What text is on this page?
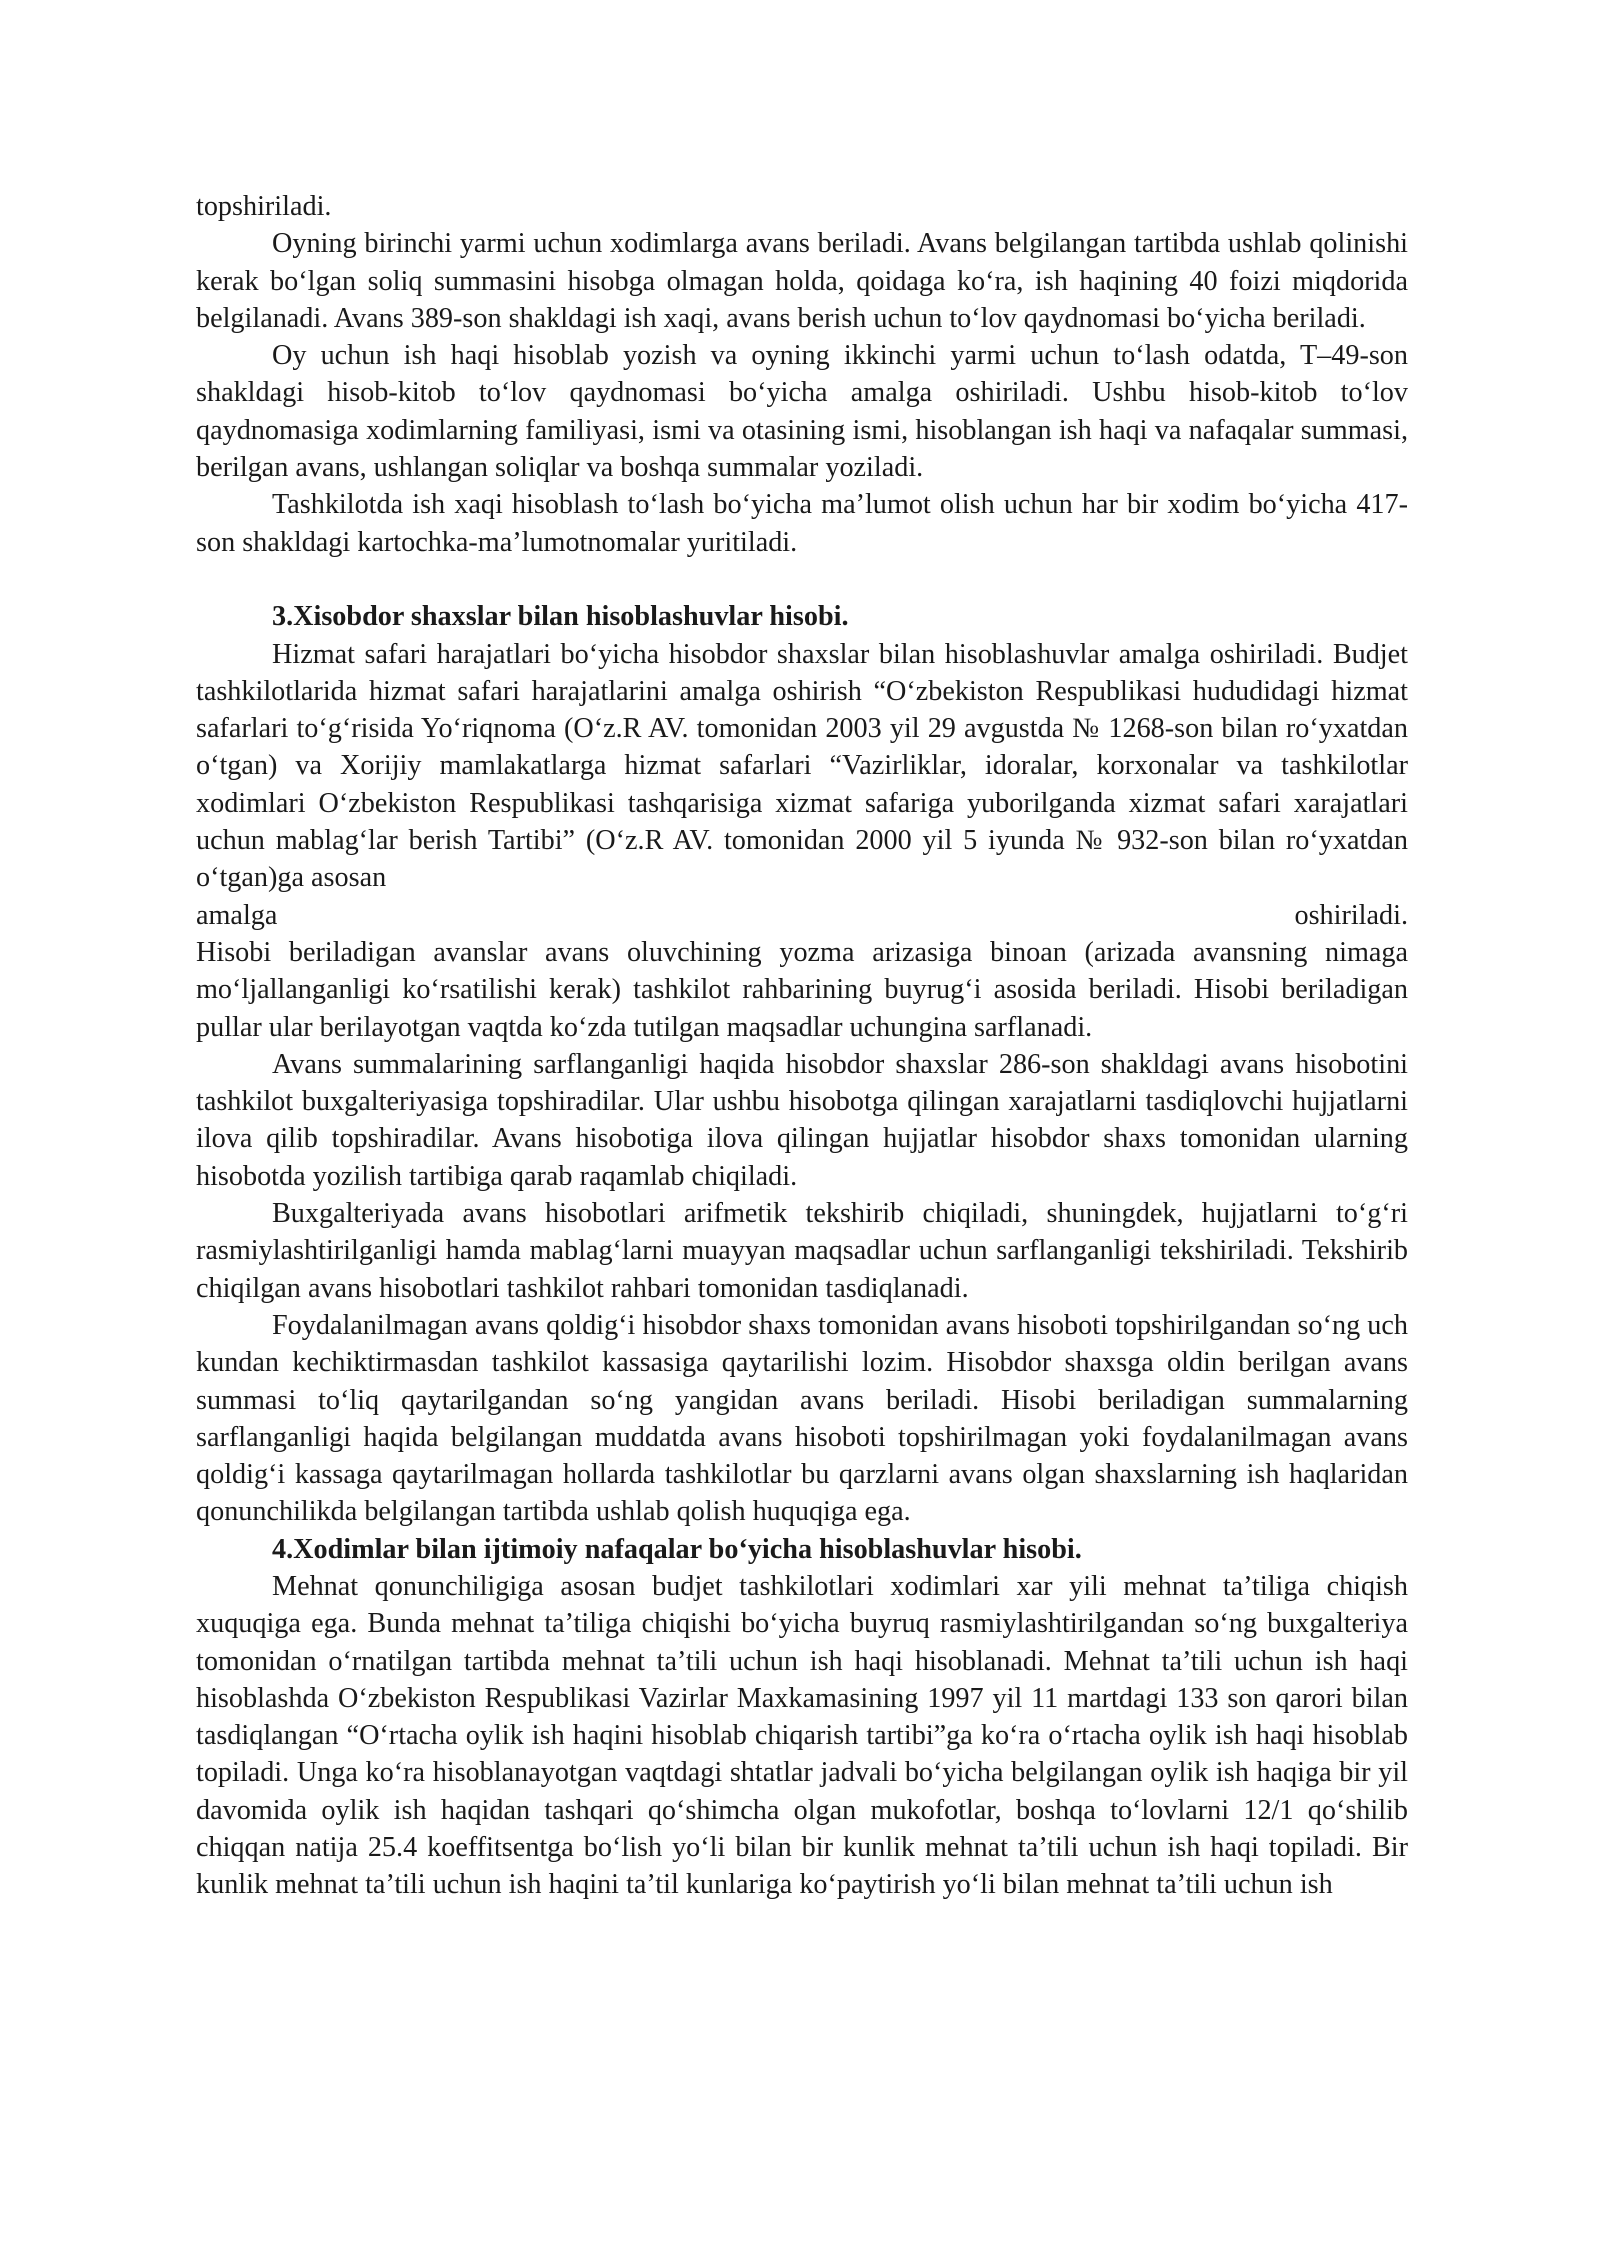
topshiriladi.

Oyning birinchi yarmi uchun xodimlarga avans beriladi. Avans belgilangan tartibda ushlab qolinishi kerak bo‘lgan soliq summasini hisobga olmagan holda, qoidaga ko‘ra, ish haqining 40 foizi miqdorida belgilanadi. Avans 389-son shakldagi ish xaqi, avans berish uchun to‘lov qaydnomasi bo‘yicha beriladi.

Oy uchun ish haqi hisoblab yozish va oyning ikkinchi yarmi uchun to‘lash odatda, T–49-son shakldagi hisob-kitob to‘lov qaydnomasi bo‘yicha amalga oshiriladi. Ushbu hisob-kitob to‘lov qaydnomasiga xodimlarning familiyasi, ismi va otasining ismi, hisoblangan ish haqi va nafaqalar summasi, berilgan avans, ushlangan soliqlar va boshqa summalar yoziladi.

Tashkilotda ish xaqi hisoblash to‘lash bo‘yicha ma’lumot olish uchun har bir xodim bo‘yicha 417-son shakldagi kartochka-ma’lumotnomalar yuritiladi.

3.Xisobdor shaxslar bilan hisoblashuvlar hisobi.

Hizmat safari harajatlari bo‘yicha hisobdor shaxslar bilan hisoblashuvlar amalga oshiriladi. Budjet tashkilotlarida hizmat safari harajatlarini amalga oshirish “O‘zbekiston Respublikasi hududidagi hizmat safarlari to‘g‘risida Yo‘riqnoma (O‘z.R AV. tomonidan 2003 yil 29 avgustda № 1268-son bilan ro‘yxatdan o‘tgan) va Xorijiy mamlakatlarga hizmat safarlari “Vazirliklar, idoralar, korxonalar va tashkilotlar xodimlari O‘zbekiston Respublikasi tashqarisiga xizmat safariga yuborilganda xizmat safari xarajatlari uchun mablag‘lar berish Tartibi” (O‘z.R AV. tomonidan 2000 yil 5 iyunda № 932-son bilan ro‘yxatdan o‘tgan)ga asosan

amalga	oshiriladi.

Hisobi beriladigan avanslar avans oluvchining yozma arizasiga binoan (arizada avansning nimaga mo‘ljallanganligi ko‘rsatilishi kerak) tashkilot rahbarining buyrug‘i asosida beriladi. Hisobi beriladigan pullar ular berilayotgan vaqtda ko‘zda tutilgan maqsadlar uchungina sarflanadi.

Avans summalarining sarflanganligi haqida hisobdor shaxslar 286-son shakldagi avans hisobotini tashkilot buxgalteriyasiga topshiradilar. Ular ushbu hisobotga qilingan xarajatlarni tasdiqlovchi hujjatlarni ilova qilib topshiradilar. Avans hisobotiga ilova qilingan hujjatlar hisobdor shaxs tomonidan ularning hisobotda yozilish tartibiga qarab raqamlab chiqiladi.

Buxgalteriyada avans hisobotlari arifmetik tekshirib chiqiladi, shuningdek, hujjatlarni to‘g‘ri rasmiylashtirilganligi hamda mablag‘larni muayyan maqsadlar uchun sarflanganligi tekshiriladi. Tekshirib chiqilgan avans hisobotlari tashkilot rahbari tomonidan tasdiqlanadi.

Foydalanilmagan avans qoldig‘i hisobdor shaxs tomonidan avans hisoboti topshirilgandan so‘ng uch kundan kechiktirmasdan tashkilot kassasiga qaytarilishi lozim. Hisobdor shaxsga oldin berilgan avans summasi to‘liq qaytarilgandan so‘ng yangidan avans beriladi. Hisobi beriladigan summalarning sarflanganligi haqida belgilangan muddatda avans hisoboti topshirilmagan yoki foydalanilmagan avans qoldig‘i kassaga qaytarilmagan hollarda tashkilotlar bu qarzlarni avans olgan shaxslarning ish haqlaridan qonunchilikda belgilangan tartibda ushlab qolish huquqiga ega.

4.Xodimlar bilan ijtimoiy nafaqalar bo‘yicha hisoblashuvlar hisobi.

Mehnat qonunchiligiga asosan budjet tashkilotlari xodimlari xar yili mehnat ta’tiliga chiqish xuquqiga ega. Bunda mehnat ta’tiliga chiqishi bo‘yicha buyruq rasmiylashtirilgandan so‘ng buxgalteriya tomonidan o‘rnatilgan tartibda mehnat ta’tili uchun ish haqi hisoblanadi. Mehnat ta’tili uchun ish haqi hisoblashda O‘zbekiston Respublikasi Vazirlar Maxkamasining 1997 yil 11 martdagi 133 son qarori bilan tasdiqlangan “O‘rtacha oylik ish haqini hisoblab chiqarish tartibi”ga ko‘ra o‘rtacha oylik ish haqi hisoblab topiladi. Unga ko‘ra hisoblanayotgan vaqtdagi shtatlar jadvali bo‘yicha belgilangan oylik ish haqiga bir yil davomida oylik ish haqidan tashqari qo‘shimcha olgan mukofotlar, boshqa to‘lovlarni 12/1 qo‘shilib chiqqan natija 25.4 koeffitsentga bo‘lish yo‘li bilan bir kunlik mehnat ta’tili uchun ish haqi topiladi. Bir kunlik mehnat ta’tili uchun ish haqini ta’til kunlariga ko‘paytirish yo‘li bilan mehnat ta’tili uchun ish
